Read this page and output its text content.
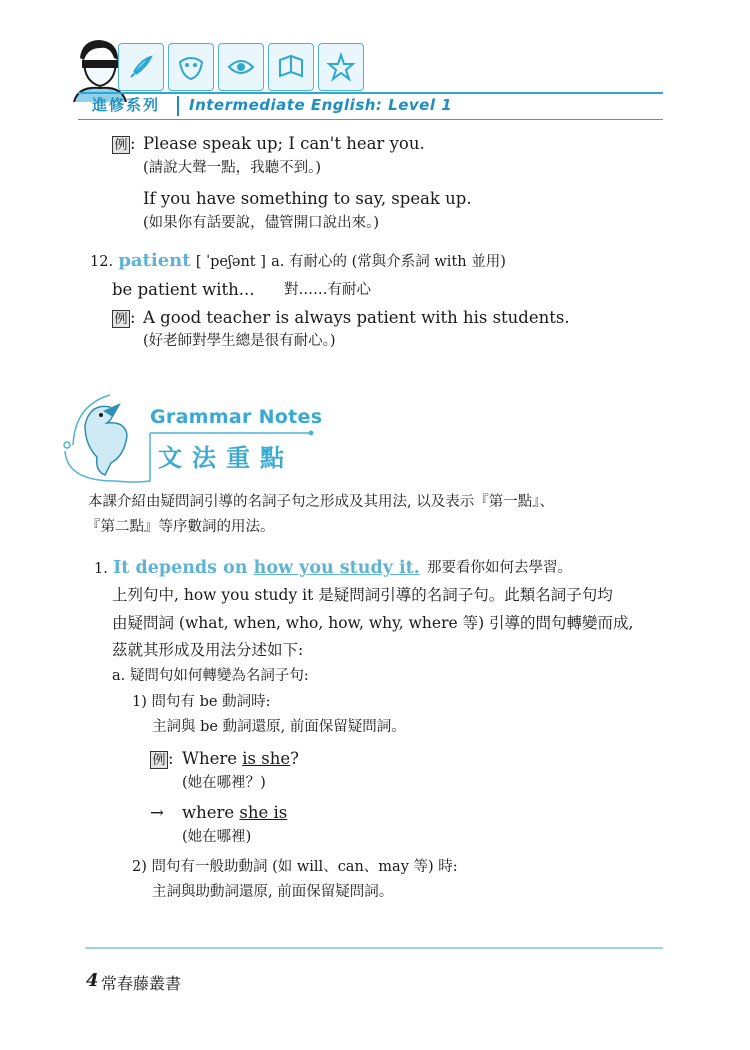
進修系列 Intermediate English: Level 1
例 : Please speak up; I can't hear you.
(請說大聲一點，我聽不到。)
If you have something to say, speak up.
(如果你有話要說，儘管開口說出來。)
12. patient [ ˈpeʃənt ] a. 有耐心的 (常與介系詞 with 並用)
be patient with... 對……有耐心
例 : A good teacher is always patient with his students.
(好老師對學生總是很有耐心。)
Grammar Notes
文法重點
本課介紹由疑問詞引導的名詞子句之形成及其用法, 以及表示『第一點』、
『第二點』等序數詞的用法。
1. It depends on how you study it. 那要看你如何去學習。
上列句中, how you study it 是疑問詞引導的名詞子句。此類名詞子句均
由疑問詞 (what, when, who, how, why, where 等) 引導的問句轉變而成,
茲就其形成及用法分述如下:
a. 疑問句如何轉變為名詞子句:
1) 問句有 be 動詞時:
主詞與 be 動詞還原, 前面保留疑問詞。
例 : Where is she?
(她在哪裡？)
→ where she is
(她在哪裡)
2) 問句有一般助動詞 (如 will、can、may 等) 時:
主詞與助動詞還原, 前面保留疑問詞。
4 常春藤叢書
